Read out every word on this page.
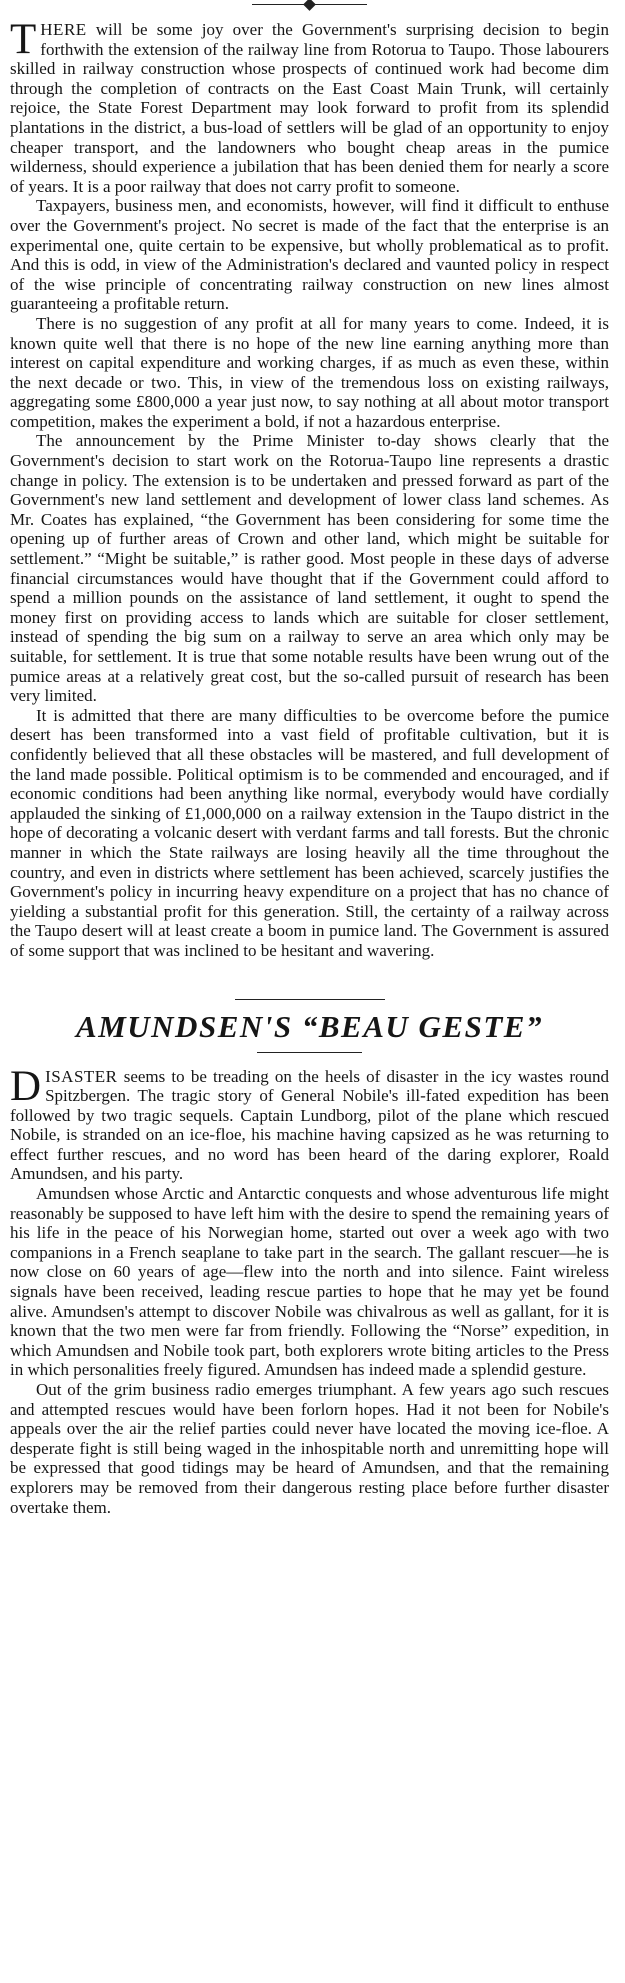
THERE will be some joy over the Government's surprising decision to begin forthwith the extension of the railway line from Rotorua to Taupo. Those labourers skilled in railway construction whose prospects of continued work had become dim through the completion of contracts on the East Coast Main Trunk, will certainly rejoice, the State Forest Department may look forward to profit from its splendid plantations in the district, a bus-load of settlers will be glad of an opportunity to enjoy cheaper transport, and the landowners who bought cheap areas in the pumice wilderness, should experience a jubilation that has been denied them for nearly a score of years. It is a poor railway that does not carry profit to someone.

Taxpayers, business men, and economists, however, will find it difficult to enthuse over the Government's project. No secret is made of the fact that the enterprise is an experimental one, quite certain to be expensive, but wholly problematical as to profit. And this is odd, in view of the Administration's declared and vaunted policy in respect of the wise principle of concentrating railway construction on new lines almost guaranteeing a profitable return.

There is no suggestion of any profit at all for many years to come. Indeed, it is known quite well that there is no hope of the new line earning anything more than interest on capital expenditure and working charges, if as much as even these, within the next decade or two. This, in view of the tremendous loss on existing railways, aggregating some £800,000 a year just now, to say nothing at all about motor transport competition, makes the experiment a bold, if not a hazardous enterprise.

The announcement by the Prime Minister to-day shows clearly that the Government's decision to start work on the Rotorua-Taupo line represents a drastic change in policy. The extension is to be undertaken and pressed forward as part of the Government's new land settlement and development of lower class land schemes. As Mr. Coates has explained, “the Government has been considering for some time the opening up of further areas of Crown and other land, which might be suitable for settlement.” “Might be suitable,” is rather good. Most people in these days of adverse financial circumstances would have thought that if the Government could afford to spend a million pounds on the assistance of land settlement, it ought to spend the money first on providing access to lands which are suitable for closer settlement, instead of spending the big sum on a railway to serve an area which only may be suitable, for settlement. It is true that some notable results have been wrung out of the pumice areas at a relatively great cost, but the so-called pursuit of research has been very limited.

It is admitted that there are many difficulties to be overcome before the pumice desert has been transformed into a vast field of profitable cultivation, but it is confidently believed that all these obstacles will be mastered, and full development of the land made possible. Political optimism is to be commended and encouraged, and if economic conditions had been anything like normal, everybody would have cordially applauded the sinking of £1,000,000 on a railway extension in the Taupo district in the hope of decorating a volcanic desert with verdant farms and tall forests. But the chronic manner in which the State railways are losing heavily all the time throughout the country, and even in districts where settlement has been achieved, scarcely justifies the Government's policy in incurring heavy expenditure on a project that has no chance of yielding a substantial profit for this generation. Still, the certainty of a railway across the Taupo desert will at least create a boom in pumice land. The Government is assured of some support that was inclined to be hesitant and wavering.

AMUNDSEN'S “BEAU GESTE”

DISASTER seems to be treading on the heels of disaster in the icy wastes round Spitzbergen. The tragic story of General Nobile's ill-fated expedition has been followed by two tragic sequels. Captain Lundborg, pilot of the plane which rescued Nobile, is stranded on an ice-floe, his machine having capsized as he was returning to effect further rescues, and no word has been heard of the daring explorer, Roald Amundsen, and his party.

Amundsen whose Arctic and Antarctic conquests and whose adventurous life might reasonably be supposed to have left him with the desire to spend the remaining years of his life in the peace of his Norwegian home, started out over a week ago with two companions in a French seaplane to take part in the search. The gallant rescuer—he is now close on 60 years of age—flew into the north and into silence. Faint wireless signals have been received, leading rescue parties to hope that he may yet be found alive. Amundsen's attempt to discover Nobile was chivalrous as well as gallant, for it is known that the two men were far from friendly. Following the “Norse” expedition, in which Amundsen and Nobile took part, both explorers wrote biting articles to the Press in which personalities freely figured. Amundsen has indeed made a splendid gesture.

Out of the grim business radio emerges triumphant. A few years ago such rescues and attempted rescues would have been forlorn hopes. Had it not been for Nobile's appeals over the air the relief parties could never have located the moving ice-floe. A desperate fight is still being waged in the inhospitable north and unremitting hope will be expressed that good tidings may be heard of Amundsen, and that the remaining explorers may be removed from their dangerous resting place before further disaster overtake them.
